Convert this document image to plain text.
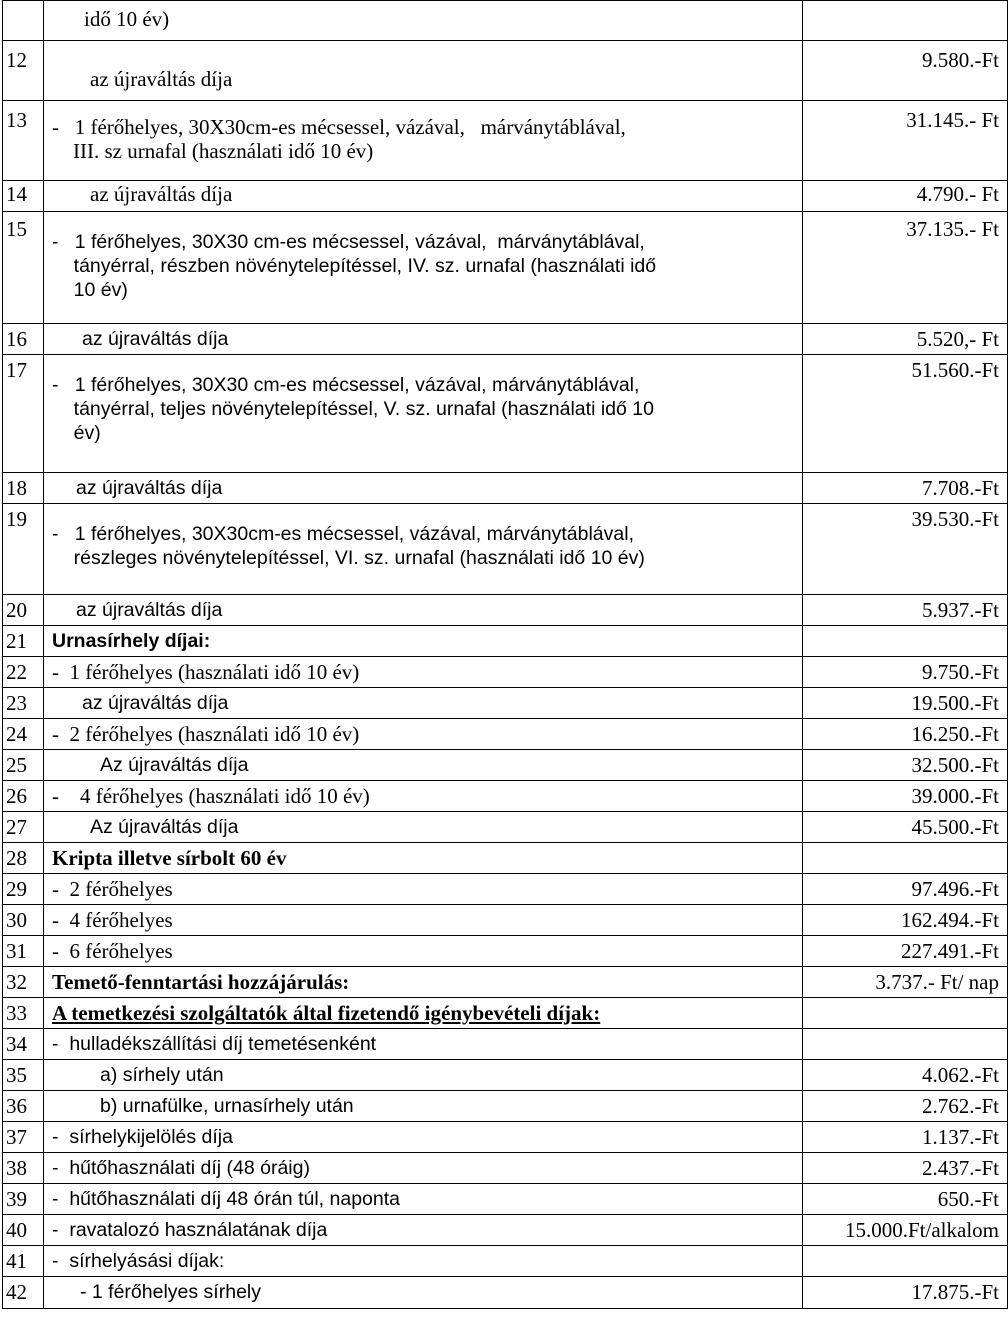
	idő 10 év)	

12	az újraváltás díja	9.580.-Ft
13	-   1 férőhelyes, 30X30cm-es mécsessel, vázával,   márványtáblával,
III. sz urnafal (használati idő 10 év)	31.145.- Ft
14	az újraváltás díja	4.790.- Ft
15	-   1 férőhelyes, 30X30 cm-es mécsessel, vázával,  márványtáblával,
tányérral, részben növénytelepítéssel, IV. sz. urnafal (használati idő
10 év)	37.135.- Ft
16	az újraváltás díja	5.520,- Ft
17	-   1 férőhelyes, 30X30 cm-es mécsessel, vázával, márványtáblával,
tányérral, teljes növénytelepítéssel, V. sz. urnafal (használati idő 10
év)	51.560.-Ft
18	az újraváltás díja	7.708.-Ft
19	-   1 férőhelyes, 30X30cm-es mécsessel, vázával, márványtáblával,
részleges növénytelepítéssel, VI. sz. urnafal (használati idő 10 év)	39.530.-Ft
20	az újraváltás díja	5.937.-Ft
21	Urnasírhely díjai:	

22	-  1 férőhelyes (használati idő 10 év)	9.750.-Ft
23	az újraváltás díja	19.500.-Ft
24	-  2 férőhelyes (használati idő 10 év)	16.250.-Ft
25	Az újraváltás díja	32.500.-Ft
26	-    4 férőhelyes (használati idő 10 év)	39.000.-Ft
27	Az újraváltás díja	45.500.-Ft
28	Kripta illetve sírbolt 60 év	

29	-  2 férőhelyes	97.496.-Ft
30	-  4 férőhelyes	162.494.-Ft
31	-  6 férőhelyes	227.491.-Ft
32	Temető-fenntartási hozzájárulás:	3.737.- Ft/ nap
33	A temetkezési szolgáltatók által fizetendő igénybevételi díjak:	

34	-  hulladékszállítási díj temetésenként	

35	a) sírhely után	4.062.-Ft
36	b) urnafülke, urnasírhely után	2.762.-Ft
37	-  sírhelykijelölés díja	1.137.-Ft
38	-  hűtőhasználati díj (48 óráig)	2.437.-Ft
39	-  hűtőhasználati díj 48 órán túl, naponta	650.-Ft
40	-  ravatalozó használatának díja	15.000.Ft/alkalom
41	-  sírhelyásási díjak:	

42	- 1 férőhelyes sírhely	17.875.-Ft
